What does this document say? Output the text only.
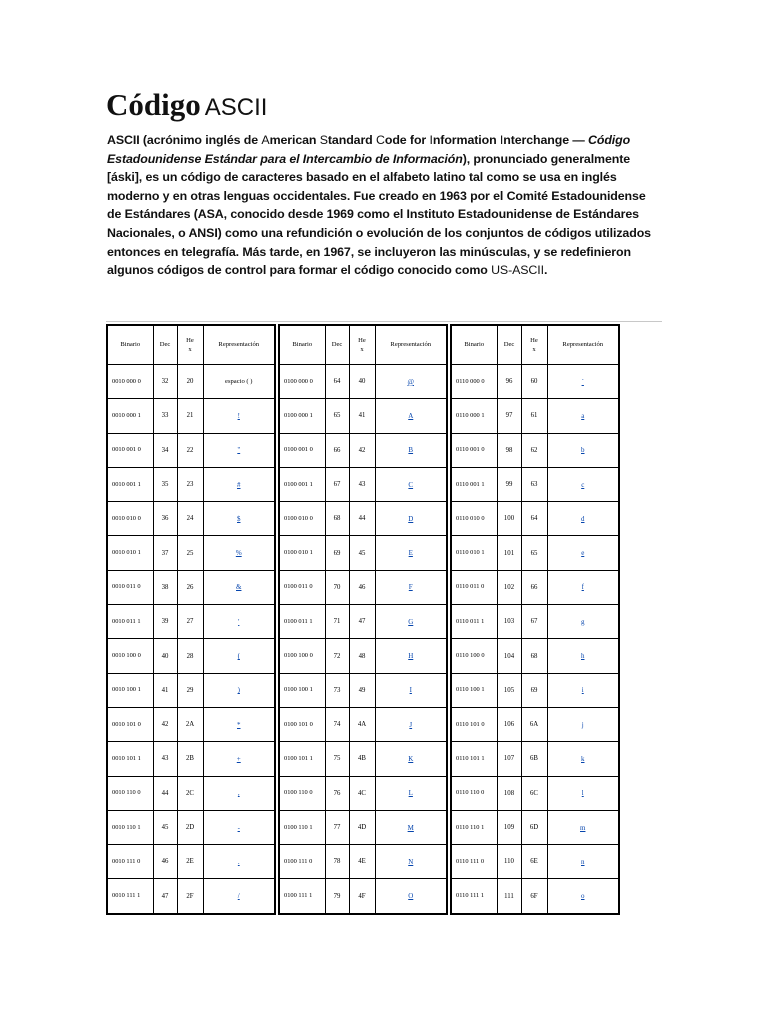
Código ASCII

ASCII (acrónimo inglés de American Standard Code for Information Interchange — Código Estadounidense Estándar para el Intercambio de Información), pronunciado generalmente [áski], es un código de caracteres basado en el alfabeto latino tal como se usa en inglés moderno y en otras lenguas occidentales. Fue creado en 1963 por el Comité Estadounidense de Estándares (ASA, conocido desde 1969 como el Instituto Estadounidense de Estándares Nacionales, o ANSI) como una refundición o evolución de los conjuntos de códigos utilizados entonces en telegrafía. Más tarde, en 1967, se incluyeron las minúsculas, y se redefinieron algunos códigos de control para formar el código conocido como US-ASCII.

Binario	Dec	He x	Representación
0010 000 0	32	20	espacio ( )
0010 000 1	33	21	!
0010 001 0	34	22	"
0010 001 1	35	23	#
0010 010 0	36	24	$
0010 010 1	37	25	%
0010 011 0	38	26	&
0010 011 1	39	27	'
0010 100 0	40	28	(
0010 100 1	41	29	)
0010 101 0	42	2A	*
0010 101 1	43	2B	+
0010 110 0	44	2C	,
0010 110 1	45	2D	-
0010 111 0	46	2E	.
0010 111 1	47	2F	/
Binario	Dec	He x	Representación
0100 000 0	64	40	@
0100 000 1	65	41	A
0100 001 0	66	42	B
0100 001 1	67	43	C
0100 010 0	68	44	D
0100 010 1	69	45	E
0100 011 0	70	46	F
0100 011 1	71	47	G
0100 100 0	72	48	H
0100 100 1	73	49	I
0100 101 0	74	4A	J
0100 101 1	75	4B	K
0100 110 0	76	4C	L
0100 110 1	77	4D	M
0100 111 0	78	4E	N
0100 111 1	79	4F	O
Binario	Dec	He x	Representación
0110 000 0	96	60	`
0110 000 1	97	61	a
0110 001 0	98	62	b
0110 001 1	99	63	c
0110 010 0	100	64	d
0110 010 1	101	65	e
0110 011 0	102	66	f
0110 011 1	103	67	g
0110 100 0	104	68	h
0110 100 1	105	69	i
0110 101 0	106	6A	j
0110 101 1	107	6B	k
0110 110 0	108	6C	l
0110 110 1	109	6D	m
0110 111 0	110	6E	n
0110 111 1	111	6F	o
